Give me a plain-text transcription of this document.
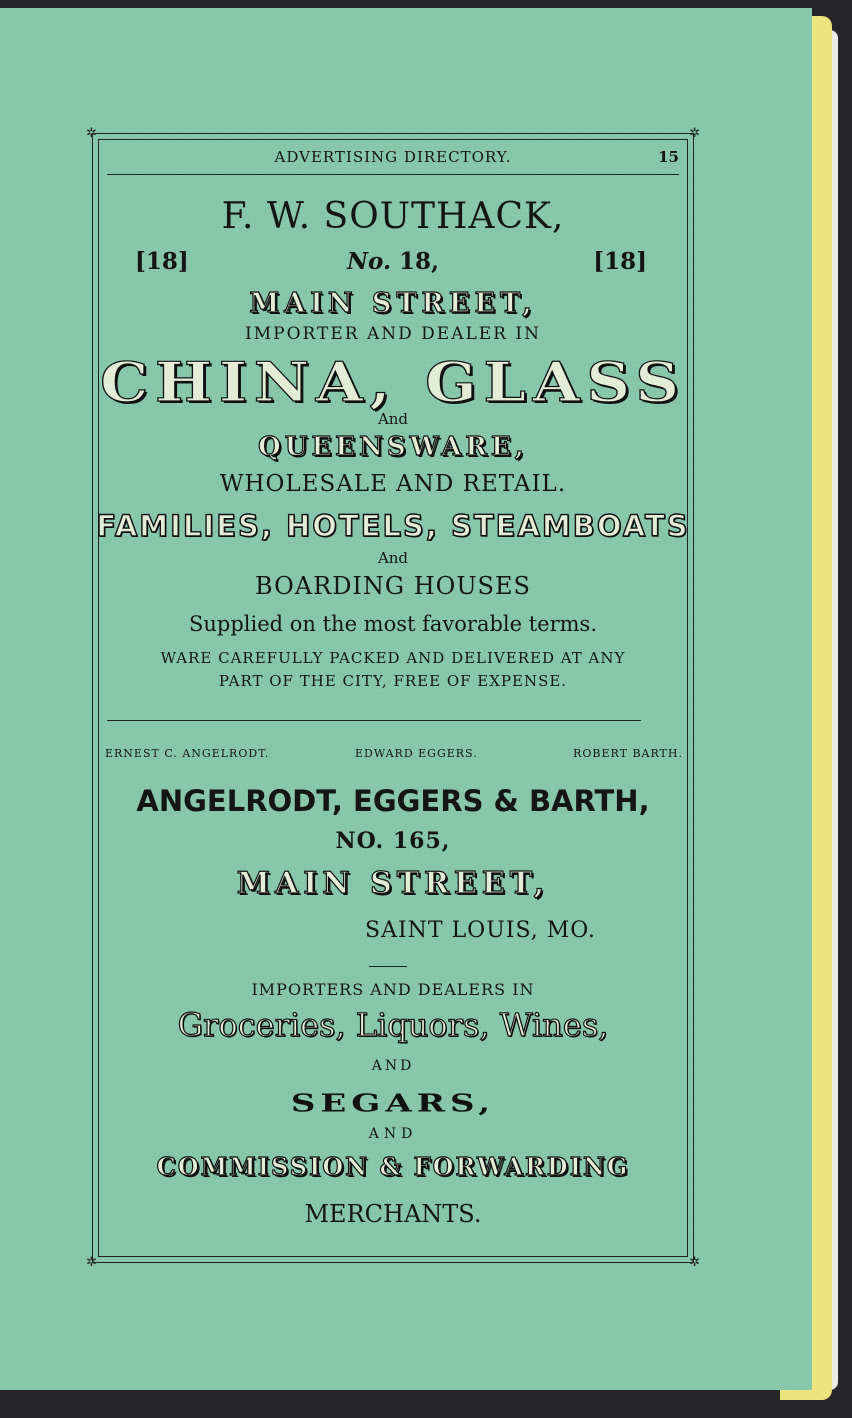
✲	✲
✲	✲
ADVERTISING DIRECTORY.	15
F. W. SOUTHACK,
[18]	No. 18,	[18]
MAIN STREET,
IMPORTER AND DEALER IN
CHINA, GLASS
And
QUEENSWARE,
WHOLESALE AND RETAIL.
FAMILIES, HOTELS, STEAMBOATS
And
BOARDING HOUSES
Supplied on the most favorable terms.
WARE CAREFULLY PACKED AND DELIVERED AT ANY
PART OF THE CITY, FREE OF EXPENSE.
ERNEST C. ANGELRODT.	EDWARD EGGERS.	ROBERT BARTH.
ANGELRODT, EGGERS & BARTH,
NO. 165,
MAIN STREET,
SAINT LOUIS, MO.
IMPORTERS AND DEALERS IN
Groceries, Liquors, Wines,
AND
SEGARS,
AND
COMMISSION & FORWARDING
MERCHANTS.
